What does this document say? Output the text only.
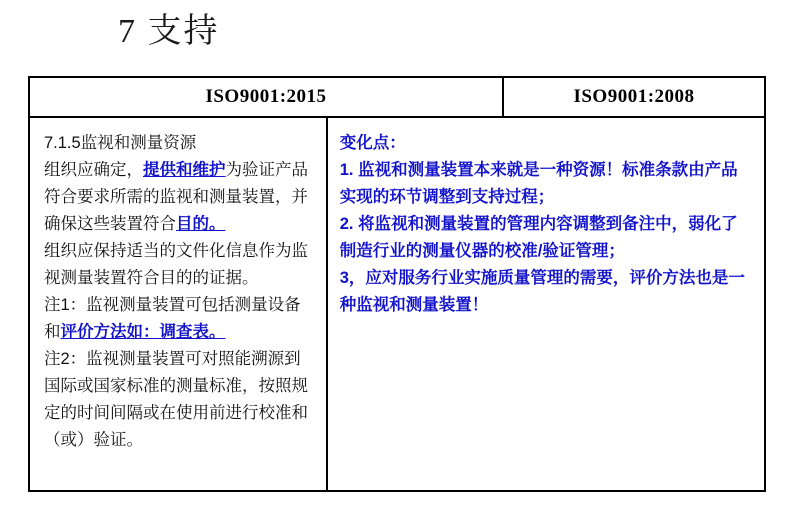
7 支持
ISO9001:2015	ISO9001:2008
7.1.5监视和测量资源
组织应确定，提供和维护为验证产品符合要求所需的监视和测量装置，并确保这些装置符合目的。
组织应保持适当的文件化信息作为监视测量装置符合目的的证据。
注1：监视测量装置可包括测量设备和评价方法如：调查表。
注2：监视测量装置可对照能溯源到国际或国家标准的测量标准，按照规定的时间间隔或在使用前进行校准和（或）验证。
变化点：
1. 监视和测量装置本来就是一种资源！标准条款由产品实现的环节调整到支持过程；
2. 将监视和测量装置的管理内容调整到备注中，弱化了制造行业的测量仪器的校准/验证管理；
3，应对服务行业实施质量管理的需要，评价方法也是一种监视和测量装置！
